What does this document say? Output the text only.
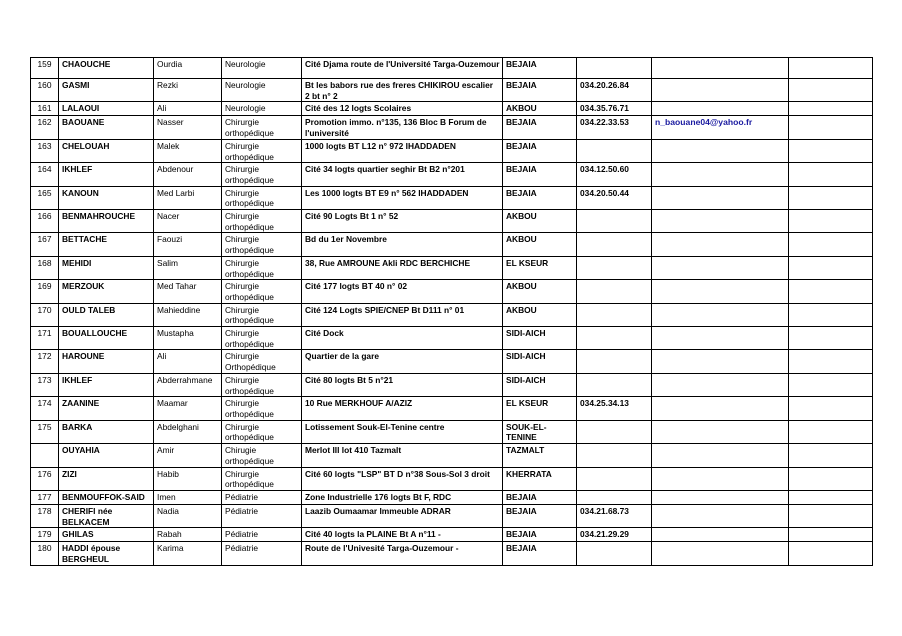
159	CHAOUCHE	Ourdia	Neurologie	Cité Djama route de l'Université Targa-Ouzemour	BEJAIA			
160	GASMI	Rezki	Neurologie	Bt les babors rue des freres CHIKIROU escalier 2 bt n° 2	BEJAIA	034.20.26.84		
161	LALAOUI	Ali	Neurologie	Cité des 12 logts Scolaires	AKBOU	034.35.76.71		
162	BAOUANE	Nasser	Chirurgie orthopédique	Promotion immo. n°135, 136 Bloc B Forum de l'université	BEJAIA	034.22.33.53	n_baouane04@yahoo.fr	
163	CHELOUAH	Malek	Chirurgie orthopédique	1000 logts BT L12 n° 972 IHADDADEN	BEJAIA			
164	IKHLEF	Abdenour	Chirurgie orthopédique	Cité 34 logts quartier seghir Bt B2 n°201	BEJAIA	034.12.50.60		
165	KANOUN	Med Larbi	Chirurgie orthopédique	Les 1000 logts BT E9 n° 562 IHADDADEN	BEJAIA	034.20.50.44		
166	BENMAHROUCHE	Nacer	Chirurgie orthopédique	Cité 90 Logts Bt 1 n° 52	AKBOU			
167	BETTACHE	Faouzi	Chirurgie orthopédique	Bd du 1er Novembre	AKBOU			
168	MEHIDI	Salim	Chirurgie orthopédique	38, Rue AMROUNE Akli RDC BERCHICHE	EL KSEUR			
169	MERZOUK	Med Tahar	Chirurgie orthopédique	Cité 177 logts BT 40 n° 02	AKBOU			
170	OULD TALEB	Mahieddine	Chirurgie orthopédique	Cité 124 Logts SPIE/CNEP Bt D111 n° 01	AKBOU			
171	BOUALLOUCHE	Mustapha	Chirurgie orthopédique	Cité Dock	SIDI-AICH			
172	HAROUNE	Ali	Chirurgie Orthopédique	Quartier de la gare	SIDI-AICH			
173	IKHLEF	Abderrahmane	Chirurgie orthopédique	Cité 80 logts Bt 5 n°21	SIDI-AICH			
174	ZAANINE	Maamar	Chirurgie orthopédique	10 Rue MERKHOUF A/AZIZ	EL KSEUR	034.25.34.13		
175	BARKA	Abdelghani	Chirurgie orthopédique	Lotissement Souk-El-Tenine centre	SOUK-EL-TENINE			
	OUYAHIA	Amir	Chirugie orthopédique	Merlot III lot 410 Tazmalt	TAZMALT			
176	ZIZI	Habib	Chirurgie orthopédique	Cité 60 logts "LSP" BT D n°38 Sous-Sol 3 droit	KHERRATA			
177	BENMOUFFOK-SAID	Imen	Pédiatrie	Zone Industrielle 176 logts Bt F, RDC	BEJAIA			
178	CHERIFI née BELKACEM	Nadia	Pédiatrie	Laazib Oumaamar Immeuble ADRAR	BEJAIA	034.21.68.73		
179	GHILAS	Rabah	Pédiatrie	Cité 40 logts la PLAINE Bt A n°11 -	BEJAIA	034.21.29.29		
180	HADDI épouse BERGHEUL	Karima	Pédiatrie	Route de l'Univesité Targa-Ouzemour -	BEJAIA			
